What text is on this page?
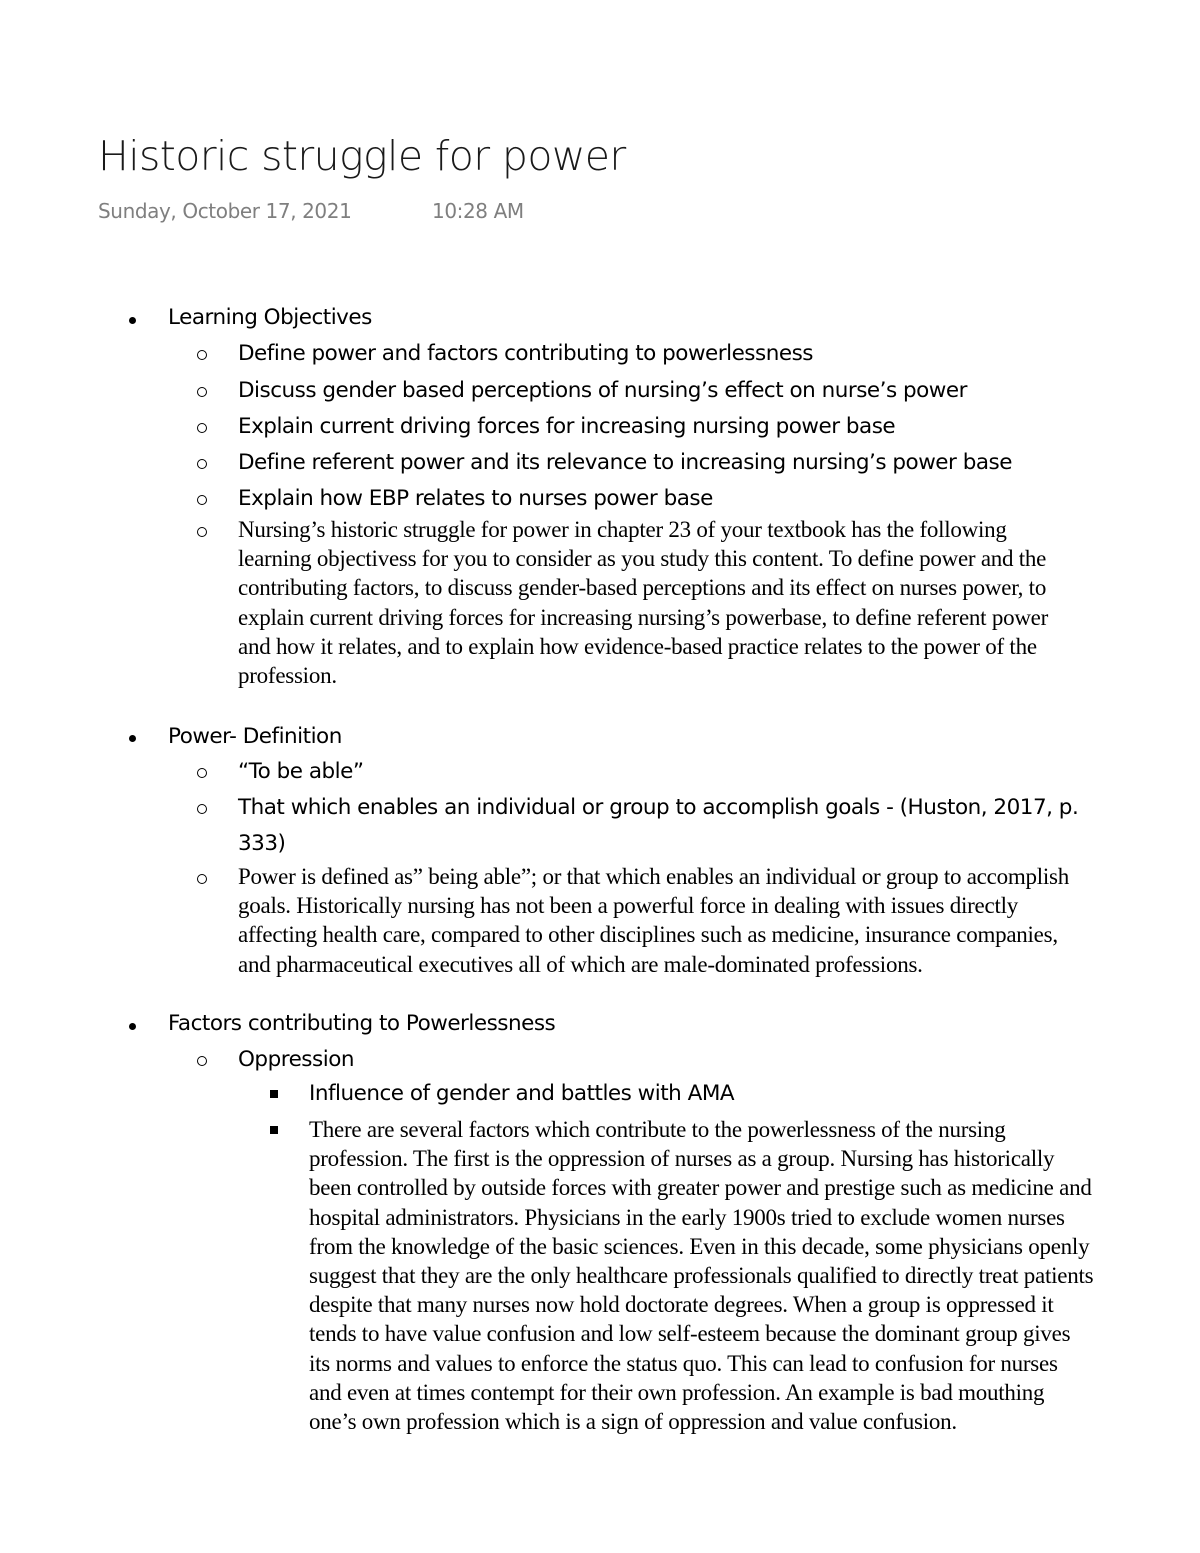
Historic struggle for power
Sunday, October 17, 2021	10:28 AM
Learning Objectives
Define power and factors contributing to powerlessness
Discuss gender based perceptions of nursing’s effect on nurse’s power
Explain current driving forces for increasing nursing power base
Define referent power and its relevance to increasing nursing’s power base
Explain how EBP relates to nurses power base
Nursing’s historic struggle for power in chapter 23 of your textbook has the following
learning objectivess for you to consider as you study this content. To define power and the
contributing factors, to discuss gender-based perceptions and its effect on nurses power, to
explain current driving forces for increasing nursing’s powerbase, to define referent power
and how it relates, and to explain how evidence-based practice relates to the power of the
profession.
Power- Definition
“To be able”
That which enables an individual or group to accomplish goals - (Huston, 2017, p.
333)
Power is defined as” being able”; or that which enables an individual or group to accomplish
goals. Historically nursing has not been a powerful force in dealing with issues directly
affecting health care, compared to other disciplines such as medicine, insurance companies,
and pharmaceutical executives all of which are male-dominated professions.
Factors contributing to Powerlessness
Oppression
Influence of gender and battles with AMA
There are several factors which contribute to the powerlessness of the nursing
profession. The first is the oppression of nurses as a group. Nursing has historically
been controlled by outside forces with greater power and prestige such as medicine and
hospital administrators. Physicians in the early 1900s tried to exclude women nurses
from the knowledge of the basic sciences. Even in this decade, some physicians openly
suggest that they are the only healthcare professionals qualified to directly treat patients
despite that many nurses now hold doctorate degrees. When a group is oppressed it
tends to have value confusion and low self-esteem because the dominant group gives
its norms and values to enforce the status quo. This can lead to confusion for nurses
and even at times contempt for their own profession. An example is bad mouthing
one’s own profession which is a sign of oppression and value confusion.
